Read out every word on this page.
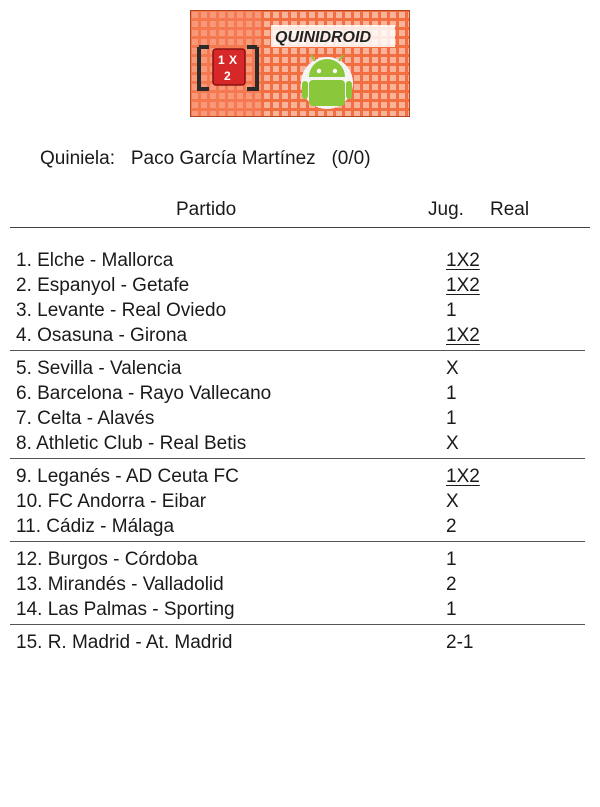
1 X
2
QUINIDROID
Quiniela: Paco García Martínez (0/0)
Partido	Jug. Real
1. Elche - Mallorca	1X2
2. Espanyol - Getafe	1X2
3. Levante - Real Oviedo	1
4. Osasuna - Girona	1X2
5. Sevilla - Valencia	X
6. Barcelona - Rayo Vallecano	1
7. Celta - Alavés	1
8. Athletic Club - Real Betis	X
9. Leganés - AD Ceuta FC	1X2
10. FC Andorra - Eibar	X
11. Cádiz - Málaga	2
12. Burgos - Córdoba	1
13. Mirandés - Valladolid	2
14. Las Palmas - Sporting	1
15. R. Madrid - At. Madrid	2-1
